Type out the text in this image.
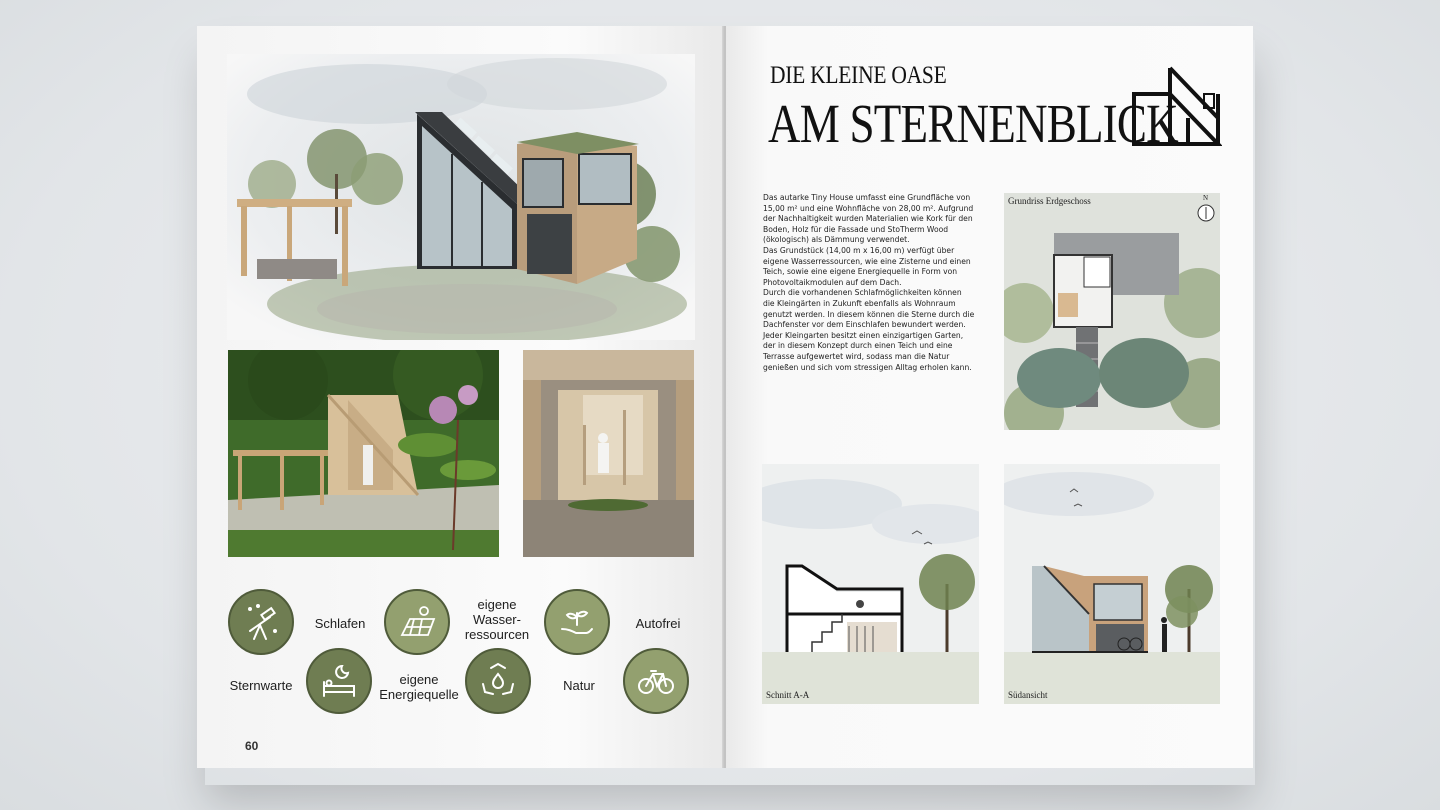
Sternwarte
Schlafen
eigene
Energiequelle
eigene
Wasser-
ressourcen
Natur
Autofrei
60
DIE KLEINE OASE
AM STERNENBLICK

Das autarke Tiny House umfasst eine Grundfläche von 15,00 m² und eine Wohnfläche von 28,00 m². Aufgrund der Nachhaltigkeit wurden Materialien wie Kork für den Boden, Holz für die Fassade und StoTherm Wood (ökologisch) als Dämmung verwendet.

Das Grundstück (14,00 m x 16,00 m) verfügt über eigene Wasserressourcen, wie eine Zisterne und einen Teich, sowie eine eigene Energiequelle in Form von Photovoltaikmodulen auf dem Dach.

Durch die vorhandenen Schlafmöglichkeiten können die Kleingärten in Zukunft ebenfalls als Wohnraum genutzt werden. In diesem können die Sterne durch die Dachfenster vor dem Einschlafen bewundert werden.

Jeder Kleingarten besitzt einen einzigartigen Garten, der in diesem Konzept durch einen Teich und eine Terrasse aufgewertet wird, sodass man die Natur genießen und sich vom stressigen Alltag erholen kann.

Grundriss Erdgeschoss	N
Schnitt A-A	Südansicht
